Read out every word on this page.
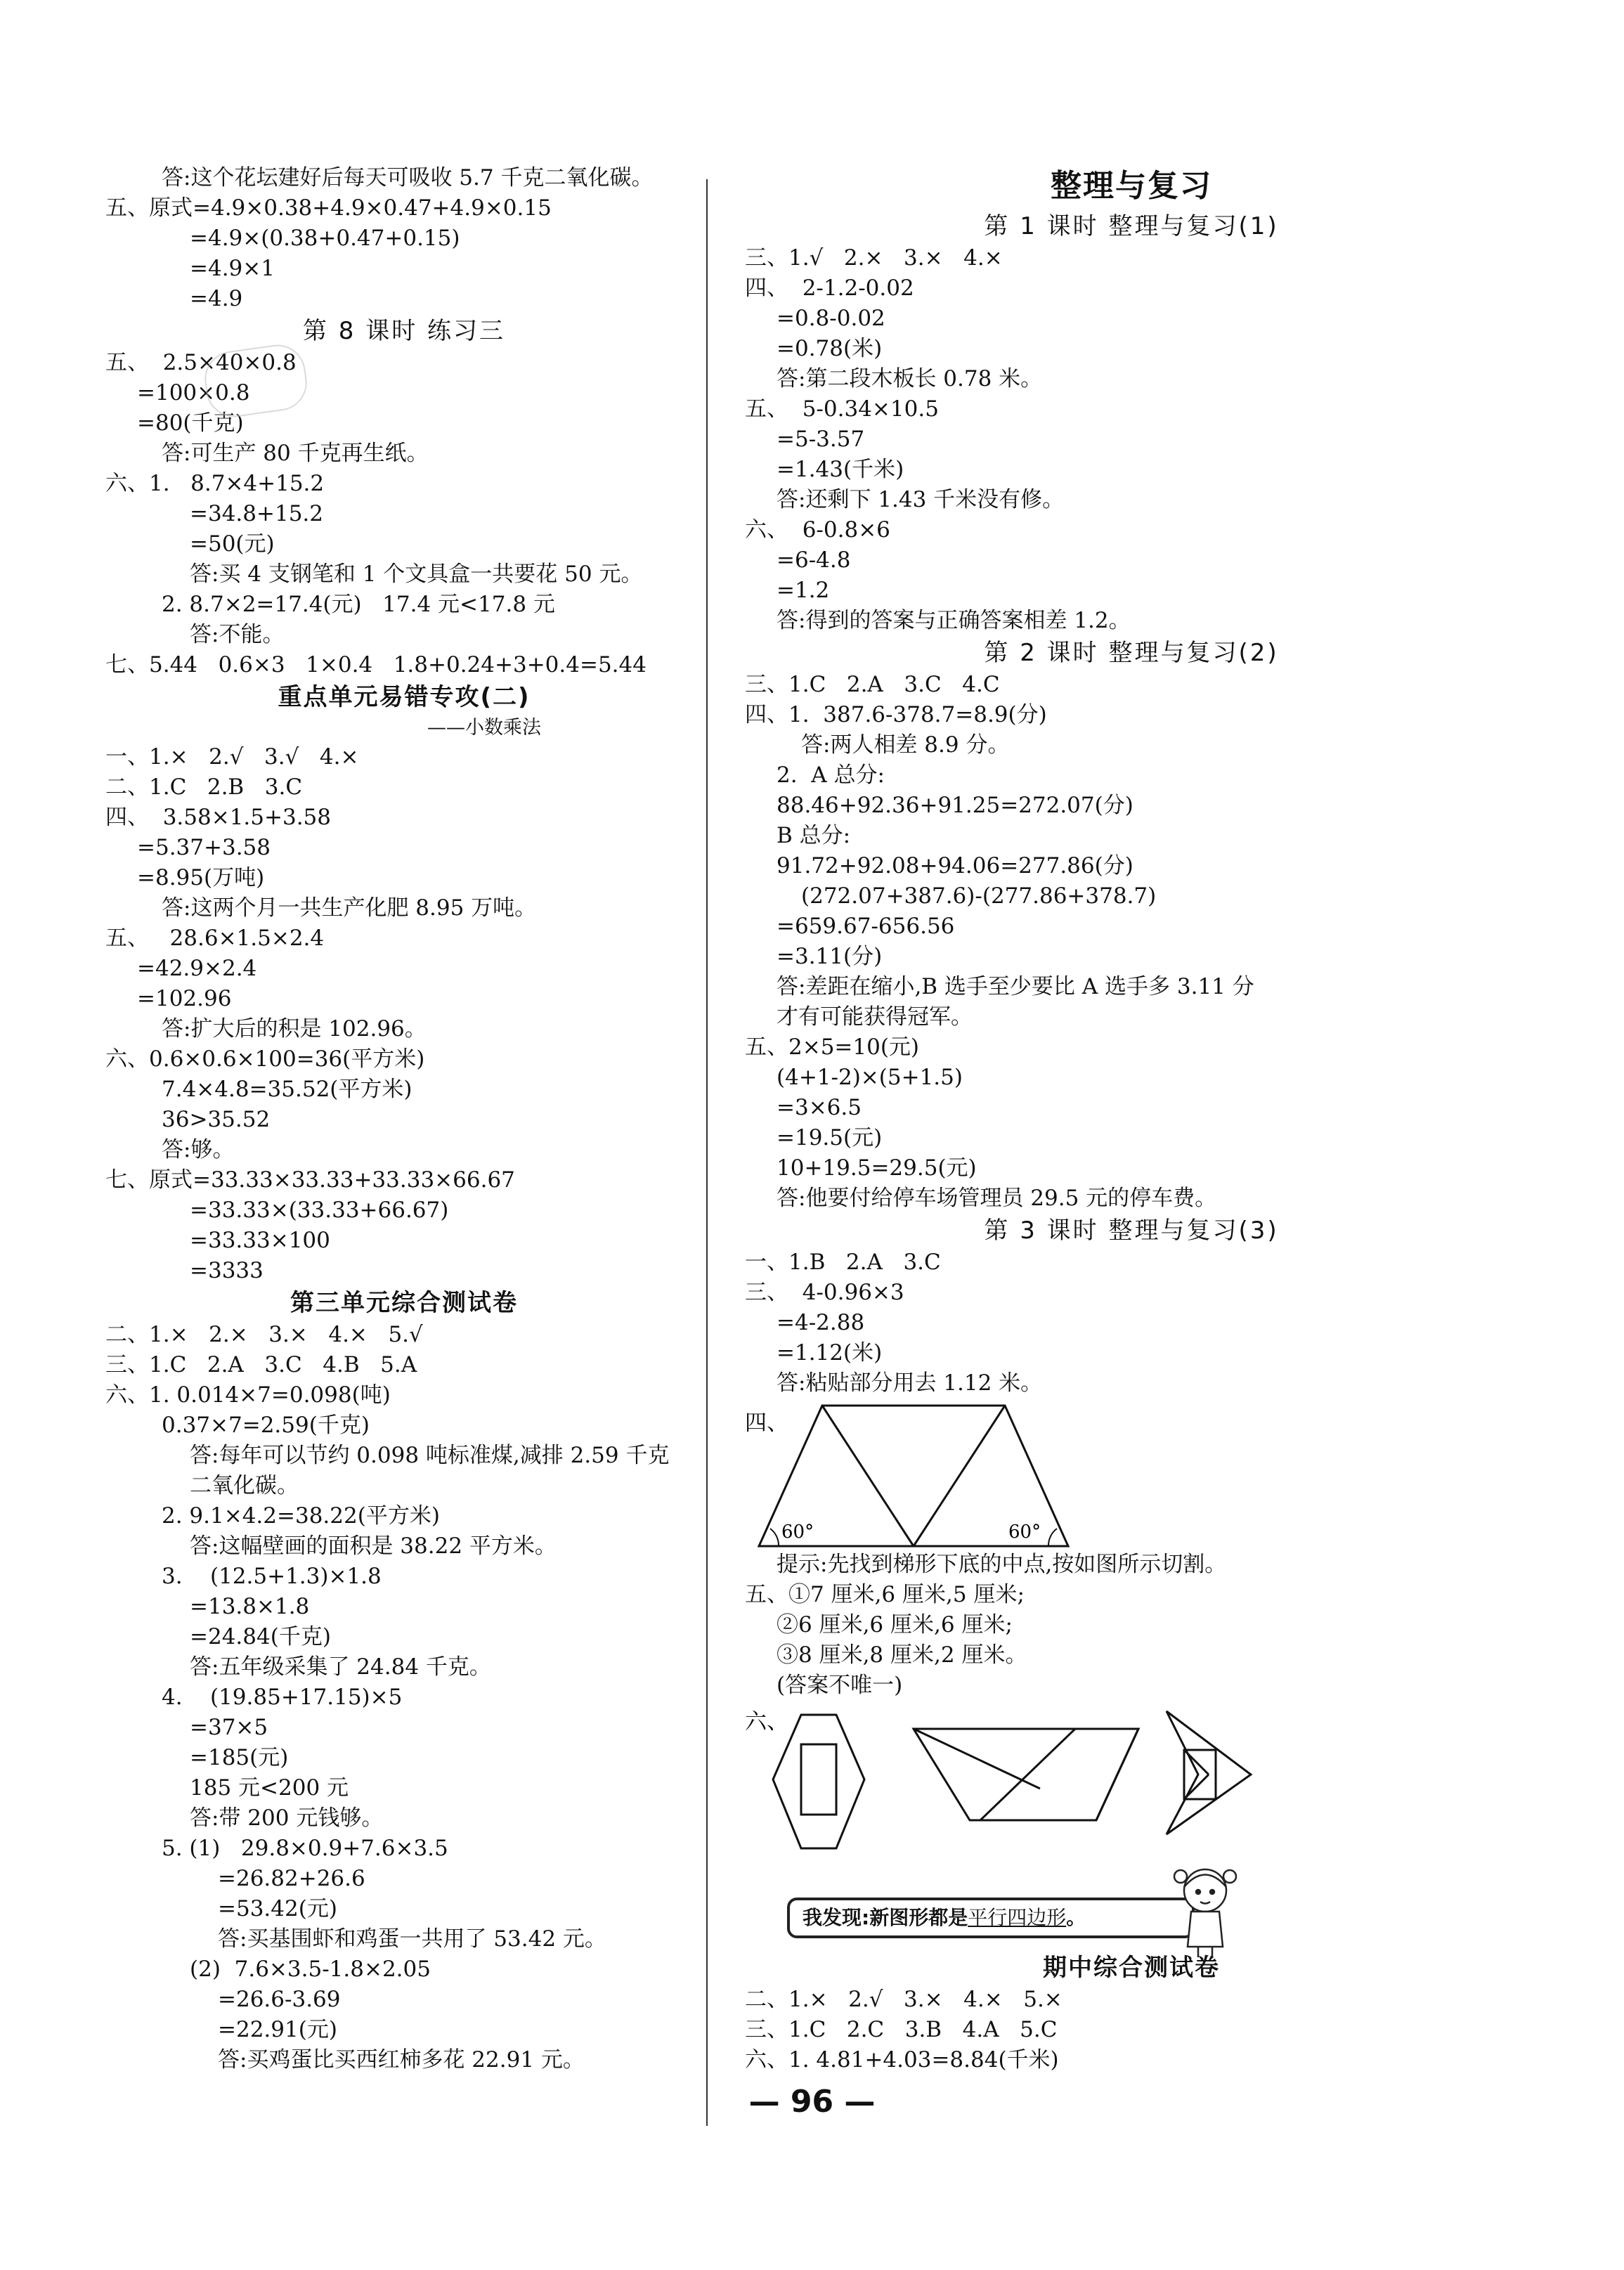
答:这个花坛建好后每天可吸收 5.7 千克二氧化碳。
五、原式=4.9×0.38+4.9×0.47+4.9×0.15
=4.9×(0.38+0.47+0.15)
=4.9×1
=4.9
第 8 课时 练习三
五、  2.5×40×0.8
=100×0.8
=80(千克)
答:可生产 80 千克再生纸。
六、1.   8.7×4+15.2
=34.8+15.2
=50(元)
答:买 4 支钢笔和 1 个文具盒一共要花 50 元。
2. 8.7×2=17.4(元)   17.4 元<17.8 元
答:不能。
七、5.44   0.6×3   1×0.4   1.8+0.24+3+0.4=5.44
重点单元易错专攻(二)
——小数乘法
一、1.×   2.√   3.√   4.×
二、1.C   2.B   3.C
四、  3.58×1.5+3.58
=5.37+3.58
=8.95(万吨)
答:这两个月一共生产化肥 8.95 万吨。
五、   28.6×1.5×2.4
=42.9×2.4
=102.96
答:扩大后的积是 102.96。
六、0.6×0.6×100=36(平方米)
7.4×4.8=35.52(平方米)
36>35.52
答:够。
七、原式=33.33×33.33+33.33×66.67
=33.33×(33.33+66.67)
=33.33×100
=3333
第三单元综合测试卷
二、1.×   2.×   3.×   4.×   5.√
三、1.C   2.A   3.C   4.B   5.A
六、1. 0.014×7=0.098(吨)
0.37×7=2.59(千克)
答:每年可以节约 0.098 吨标准煤,减排 2.59 千克
二氧化碳。
2. 9.1×4.2=38.22(平方米)
答:这幅壁画的面积是 38.22 平方米。
3.    (12.5+1.3)×1.8
=13.8×1.8
=24.84(千克)
答:五年级采集了 24.84 千克。
4.    (19.85+17.15)×5
=37×5
=185(元)
185 元<200 元
答:带 200 元钱够。
5. (1)   29.8×0.9+7.6×3.5
=26.82+26.6
=53.42(元)
答:买基围虾和鸡蛋一共用了 53.42 元。
(2)  7.6×3.5-1.8×2.05
=26.6-3.69
=22.91(元)
答:买鸡蛋比买西红柿多花 22.91 元。
整理与复习
第 1 课时 整理与复习(1)
三、1.√   2.×   3.×   4.×
四、  2-1.2-0.02
=0.8-0.02
=0.78(米)
答:第二段木板长 0.78 米。
五、  5-0.34×10.5
=5-3.57
=1.43(千米)
答:还剩下 1.43 千米没有修。
六、  6-0.8×6
=6-4.8
=1.2
答:得到的答案与正确答案相差 1.2。
第 2 课时 整理与复习(2)
三、1.C   2.A   3.C   4.C
四、1.  387.6-378.7=8.9(分)
答:两人相差 8.9 分。
2.  A 总分:
88.46+92.36+91.25=272.07(分)
B 总分:
91.72+92.08+94.06=277.86(分)
(272.07+387.6)-(277.86+378.7)
=659.67-656.56
=3.11(分)
答:差距在缩小,B 选手至少要比 A 选手多 3.11 分
才有可能获得冠军。
五、2×5=10(元)
(4+1-2)×(5+1.5)
=3×6.5
=19.5(元)
10+19.5=29.5(元)
答:他要付给停车场管理员 29.5 元的停车费。
第 3 课时 整理与复习(3)
一、1.B   2.A   3.C
三、  4-0.96×3
=4-2.88
=1.12(米)
答:粘贴部分用去 1.12 米。
四、
60°	60°
提示:先找到梯形下底的中点,按如图所示切割。
五、①7 厘米,6 厘米,5 厘米;
②6 厘米,6 厘米,6 厘米;
③8 厘米,8 厘米,2 厘米。
(答案不唯一)
六、
我发现:新图形都是平行四边形。
期中综合测试卷
二、1.×   2.√   3.×   4.×   5.×
三、1.C   2.C   3.B   4.A   5.C
六、1. 4.81+4.03=8.84(千米)
— 96 —
